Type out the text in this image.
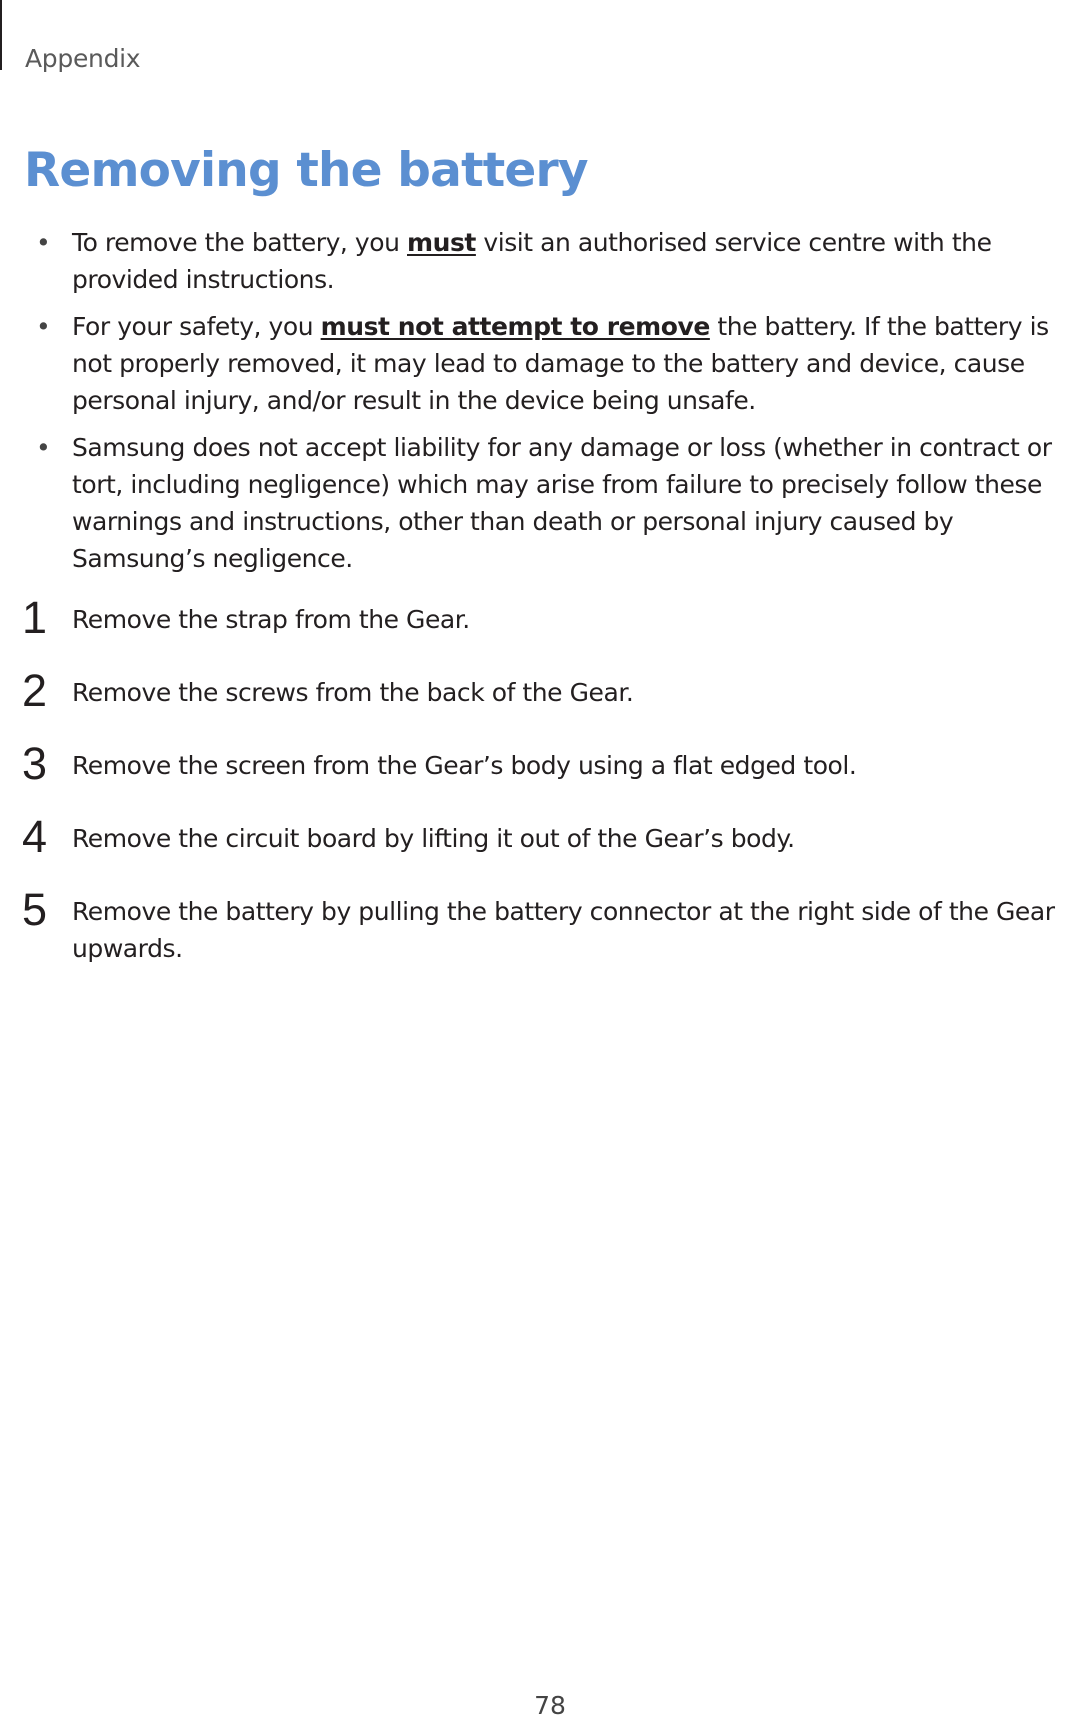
Appendix
Removing the battery
• To remove the battery, you must visit an authorised service centre with the provided instructions.
• For your safety, you must not attempt to remove the battery. If the battery is not properly removed, it may lead to damage to the battery and device, cause personal injury, and/or result in the device being unsafe.
• Samsung does not accept liability for any damage or loss (whether in contract or tort, including negligence) which may arise from failure to precisely follow these warnings and instructions, other than death or personal injury caused by Samsung’s negligence.
1 Remove the strap from the Gear.
2 Remove the screws from the back of the Gear.
3 Remove the screen from the Gear’s body using a flat edged tool.
4 Remove the circuit board by lifting it out of the Gear’s body.
5 Remove the battery by pulling the battery connector at the right side of the Gear upwards.
78
